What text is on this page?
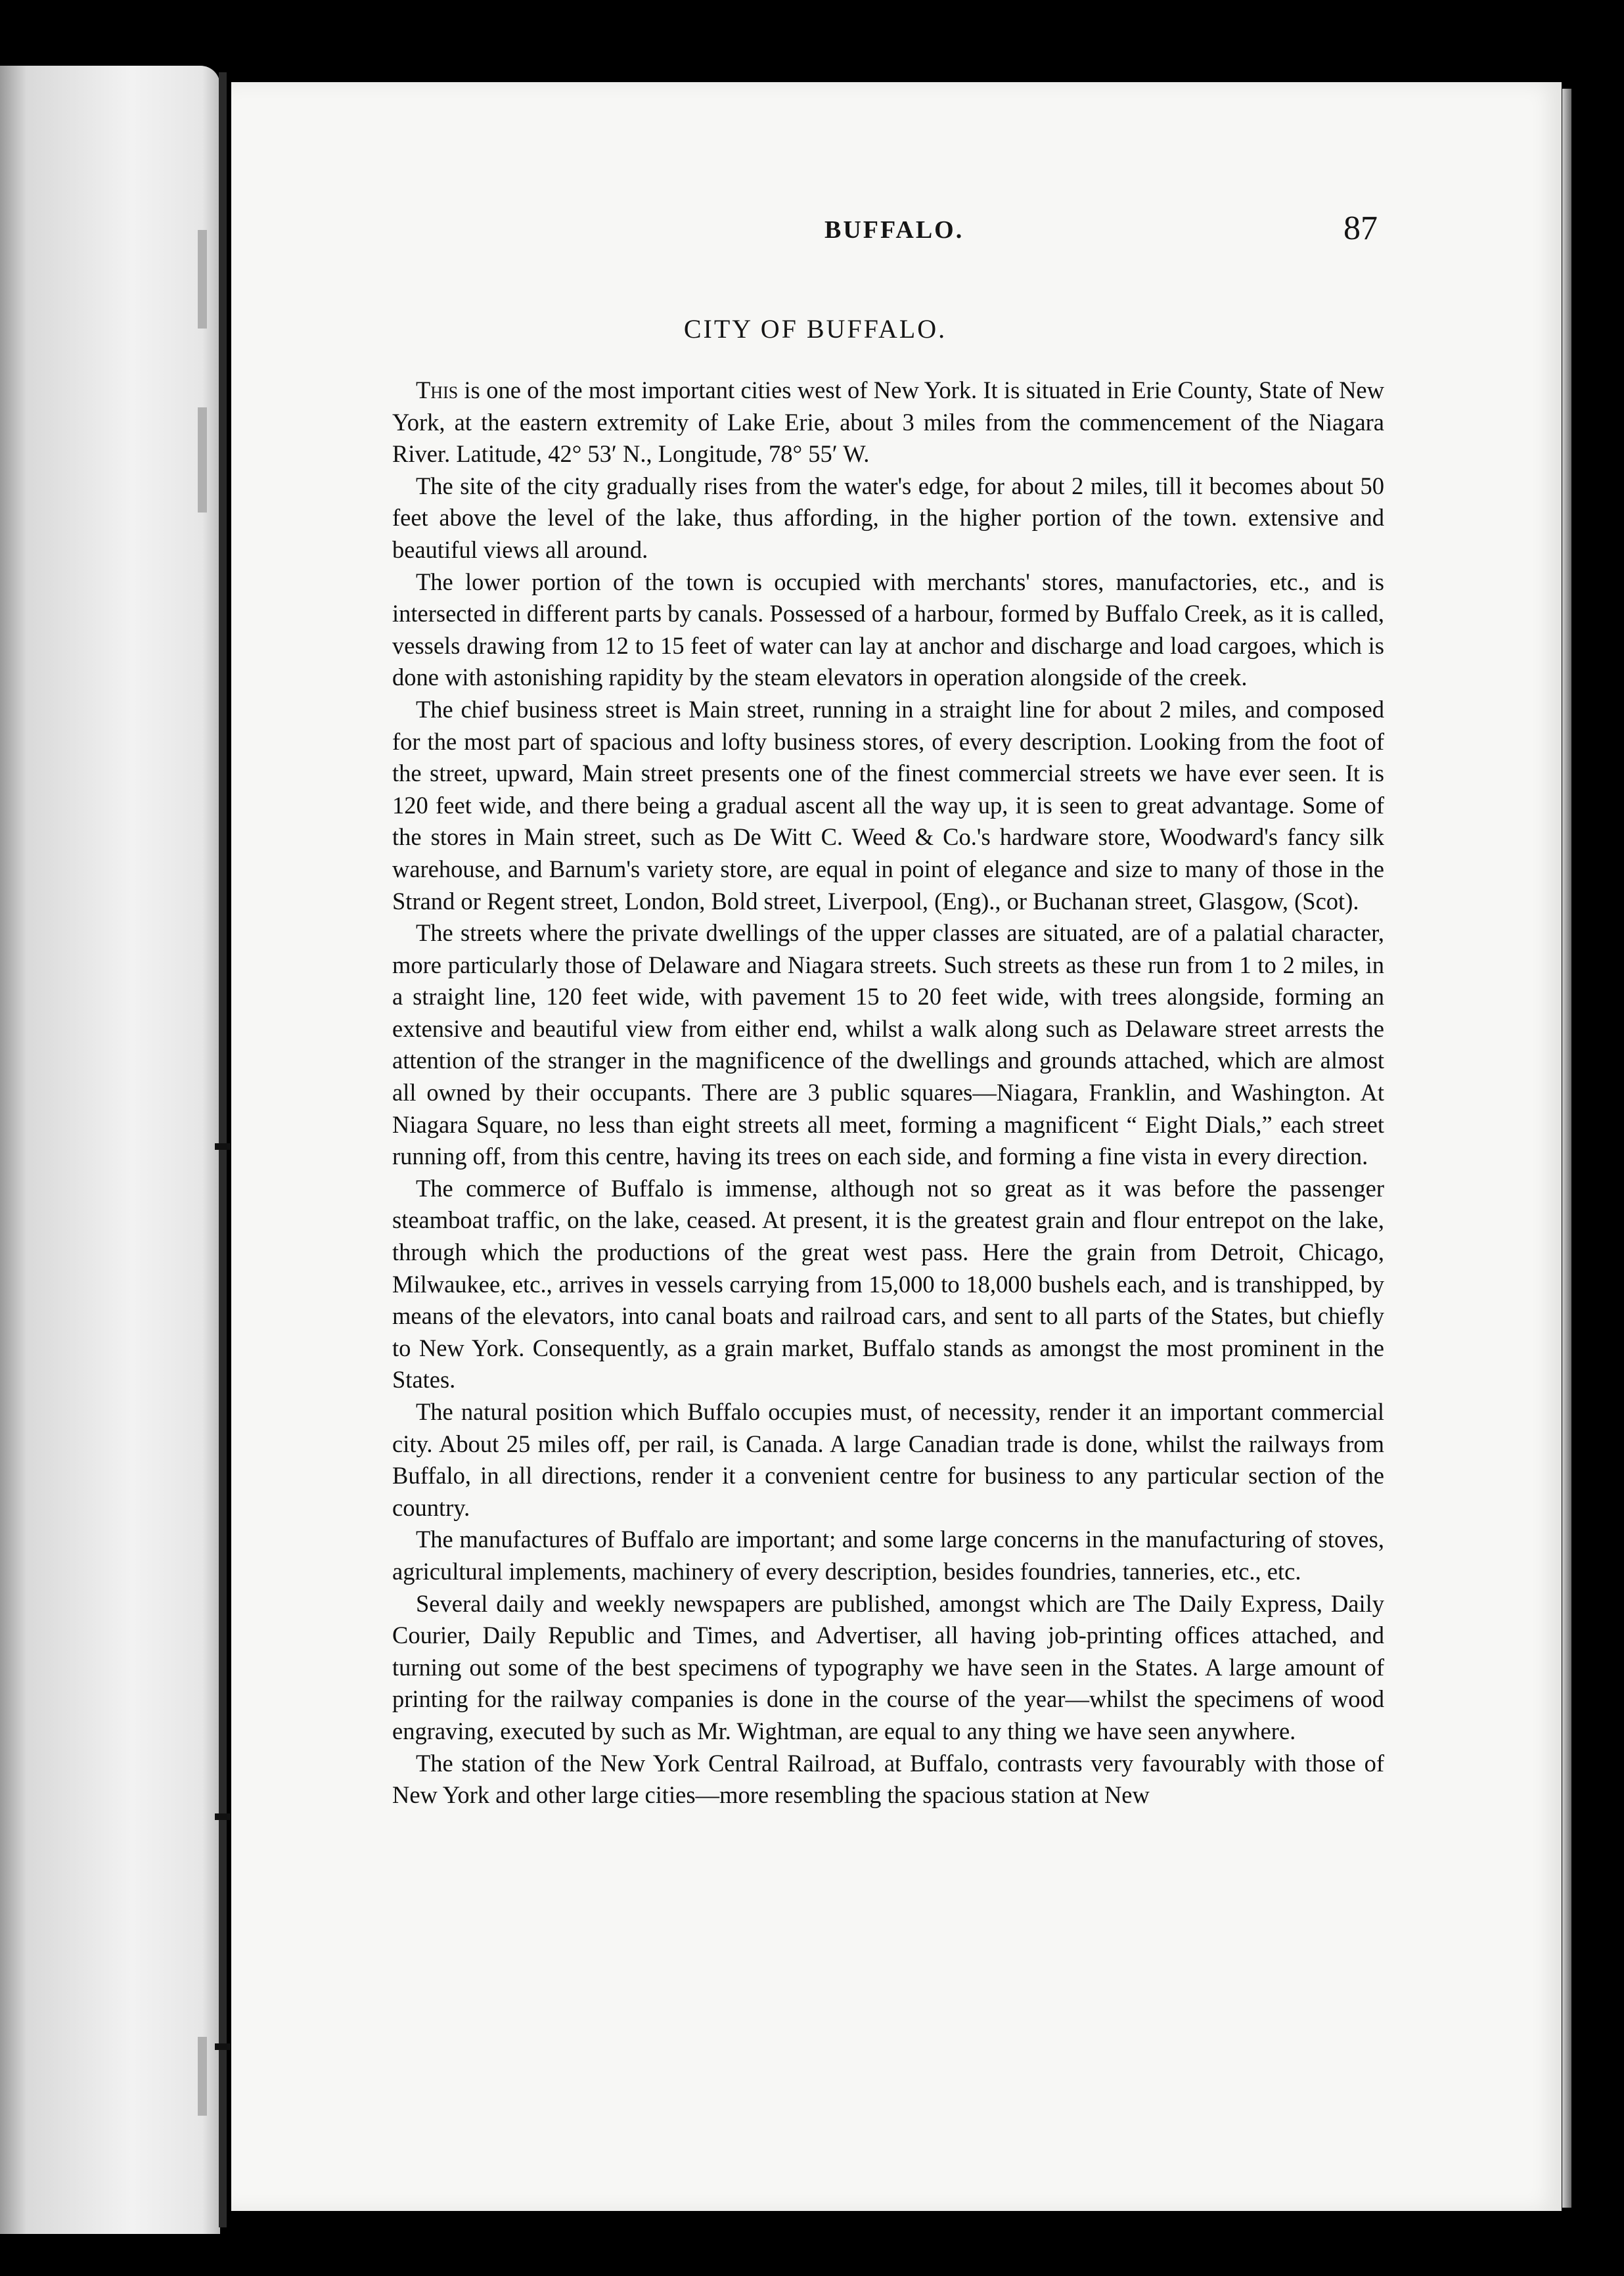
BUFFALO.	87
CITY OF BUFFALO.

This is one of the most important cities west of New York. It is situated in Erie County, State of New York, at the eastern extremity of Lake Erie, about 3 miles from the commencement of the Niagara River. Latitude, 42° 53′ N., Longitude, 78° 55′ W.

The site of the city gradually rises from the water's edge, for about 2 miles, till it becomes about 50 feet above the level of the lake, thus affording, in the higher portion of the town. extensive and beautiful views all around.

The lower portion of the town is occupied with merchants' stores, manufactories, etc., and is intersected in different parts by canals. Possessed of a harbour, formed by Buffalo Creek, as it is called, vessels drawing from 12 to 15 feet of water can lay at anchor and discharge and load cargoes, which is done with astonishing rapidity by the steam elevators in operation alongside of the creek.

The chief business street is Main street, running in a straight line for about 2 miles, and composed for the most part of spacious and lofty business stores, of every description. Looking from the foot of the street, upward, Main street presents one of the finest commercial streets we have ever seen. It is 120 feet wide, and there being a gradual ascent all the way up, it is seen to great advantage. Some of the stores in Main street, such as De Witt C. Weed & Co.'s hardware store, Woodward's fancy silk warehouse, and Barnum's variety store, are equal in point of elegance and size to many of those in the Strand or Regent street, London, Bold street, Liverpool, (Eng)., or Buchanan street, Glasgow, (Scot).

The streets where the private dwellings of the upper classes are situated, are of a palatial character, more particularly those of Delaware and Niagara streets. Such streets as these run from 1 to 2 miles, in a straight line, 120 feet wide, with pavement 15 to 20 feet wide, with trees alongside, forming an extensive and beautiful view from either end, whilst a walk along such as Delaware street arrests the attention of the stranger in the magnificence of the dwellings and grounds attached, which are almost all owned by their occupants. There are 3 public squares—Niagara, Franklin, and Washington. At Niagara Square, no less than eight streets all meet, forming a magnificent “ Eight Dials,” each street running off, from this centre, having its trees on each side, and forming a fine vista in every direction.

The commerce of Buffalo is immense, although not so great as it was before the passenger steamboat traffic, on the lake, ceased. At present, it is the greatest grain and flour entrepot on the lake, through which the productions of the great west pass. Here the grain from Detroit, Chicago, Milwaukee, etc., arrives in vessels carrying from 15,000 to 18,000 bushels each, and is transhipped, by means of the elevators, into canal boats and railroad cars, and sent to all parts of the States, but chiefly to New York. Consequently, as a grain market, Buffalo stands as amongst the most prominent in the States.

The natural position which Buffalo occupies must, of necessity, render it an important commercial city. About 25 miles off, per rail, is Canada. A large Canadian trade is done, whilst the railways from Buffalo, in all directions, render it a convenient centre for business to any particular section of the country.

The manufactures of Buffalo are important; and some large concerns in the manufacturing of stoves, agricultural implements, machinery of every description, besides foundries, tanneries, etc., etc.

Several daily and weekly newspapers are published, amongst which are The Daily Express, Daily Courier, Daily Republic and Times, and Advertiser, all having job-printing offices attached, and turning out some of the best specimens of typography we have seen in the States. A large amount of printing for the railway companies is done in the course of the year—whilst the specimens of wood engraving, executed by such as Mr. Wightman, are equal to any thing we have seen anywhere.

The station of the New York Central Railroad, at Buffalo, contrasts very favourably with those of New York and other large cities—more resembling the spacious station at New
